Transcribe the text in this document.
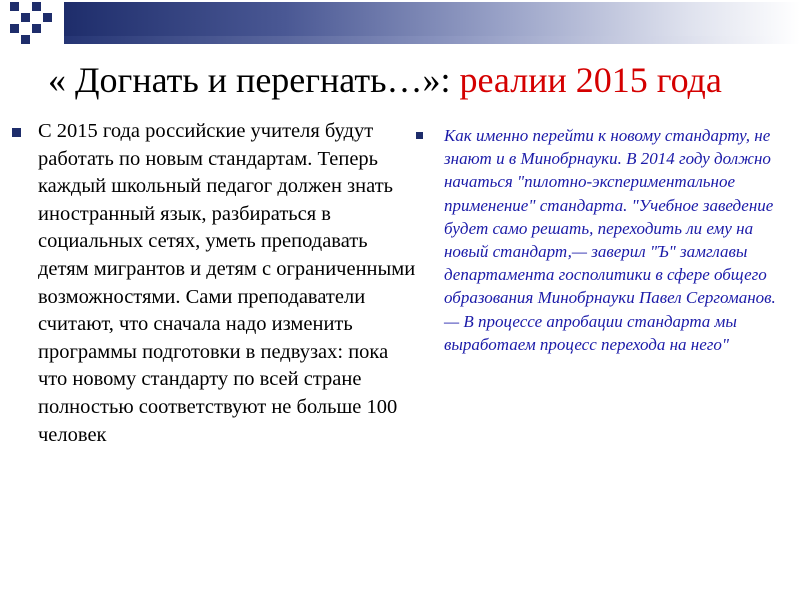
« Догнать и перегнать…»: реалии 2015 года
С 2015 года российские учителя будут работать по новым стандартам. Теперь каждый школьный педагог должен знать иностранный язык, разбираться в социальных сетях, уметь преподавать детям мигрантов и детям с ограниченными возможностями. Сами преподаватели считают, что сначала надо изменить программы подготовки в педвузах: пока что новому стандарту по всей стране полностью соответствуют не больше 100 человек
Как именно перейти к новому стандарту, не знают и в Минобрнауки. В 2014 году должно начаться "пилотно-экспериментальное применение" стандарта. "Учебное заведение будет само решать, переходить ли ему на новый стандарт,— заверил "Ъ" замглавы департамента госполитики в сфере общего образования Минобрнауки Павел Сергоманов.— В процессе апробации стандарта мы выработаем процесс перехода на него"
